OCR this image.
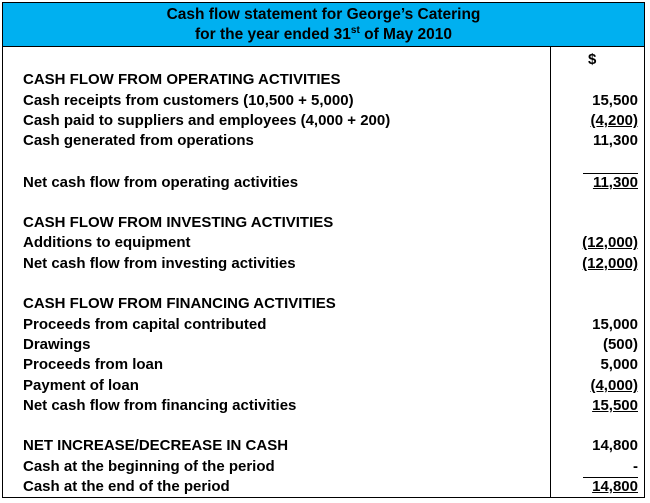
Cash flow statement for George’s Catering
for the year ended 31st of May 2010
$
CASH FLOW FROM OPERATING ACTIVITIES
Cash receipts from customers (10,500 + 5,000)	15,500
Cash paid to suppliers and employees (4,000 + 200)	(4,200)
Cash generated from operations	11,300
Net cash flow from operating activities	11,300
CASH FLOW FROM INVESTING ACTIVITIES
Additions to equipment	(12,000)
Net cash flow from investing activities	(12,000)
CASH FLOW FROM FINANCING ACTIVITIES
Proceeds from capital contributed	15,000
Drawings	(500)
Proceeds from loan	5,000
Payment of loan	(4,000)
Net cash flow from financing activities	15,500
NET INCREASE/DECREASE IN CASH	14,800
Cash at the beginning of the period	-
Cash at the end of the period	14,800
